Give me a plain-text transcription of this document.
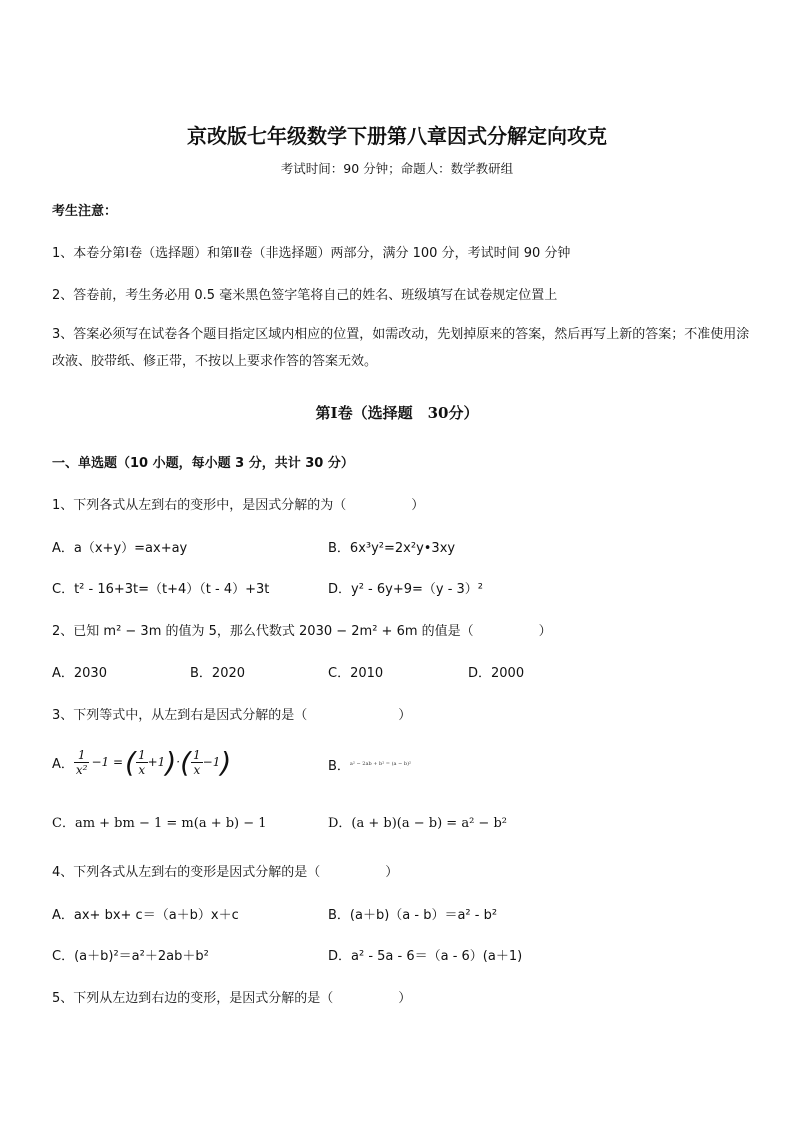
京改版七年级数学下册第八章因式分解定向攻克
考试时间：90 分钟；命题人：数学教研组
考生注意：
1、本卷分第Ⅰ卷（选择题）和第Ⅱ卷（非选择题）两部分，满分 100 分，考试时间 90 分钟
2、答卷前，考生务必用 0.5 毫米黑色签字笔将自己的姓名、班级填写在试卷规定位置上
3、答案必须写在试卷各个题目指定区域内相应的位置，如需改动，先划掉原来的答案，然后再写上新的答案；不准使用涂改液、胶带纸、修正带，不按以上要求作答的答案无效。
第Ⅰ卷（选择题　30分）
一、单选题（10 小题，每小题 3 分，共计 30 分）
1、下列各式从左到右的变形中，是因式分解的为（　　　　　）
A．a（x+y）=ax+ay	B．6x³y²=2x²y•3xy
C．t² - 16+3t=（t+4）（t - 4）+3t	D．y² - 6y+9=（y - 3）²
2、已知 m² − 3m 的值为 5，那么代数式 2030 − 2m² + 6m 的值是（　　　　　）
A．2030	B．2020	C．2010	D．2000
3、下列等式中，从左到右是因式分解的是（　　　　　　　）
A． $\frac{1}{\text{x²}} -1$ = ( $\frac{1}{x} +1$ ) · ( $\frac{1}{x} -1$ )	B．$^{a^2 - 2ab + b^2 = (a - b)^2}$
C．am + bm − 1 = m(a + b) − 1	D．(a + b)(a − b) = a² − b²
4、下列各式从左到右的变形是因式分解的是（　　　　　）
A．ax+ bx+ c＝（a＋b）x＋c	B．(a＋b)（a - b）＝a² - b²
C．(a＋b)²＝a²＋2ab＋b²	D．a² - 5a - 6＝（a - 6）(a＋1)
5、下列从左边到右边的变形，是因式分解的是（　　　　　）
